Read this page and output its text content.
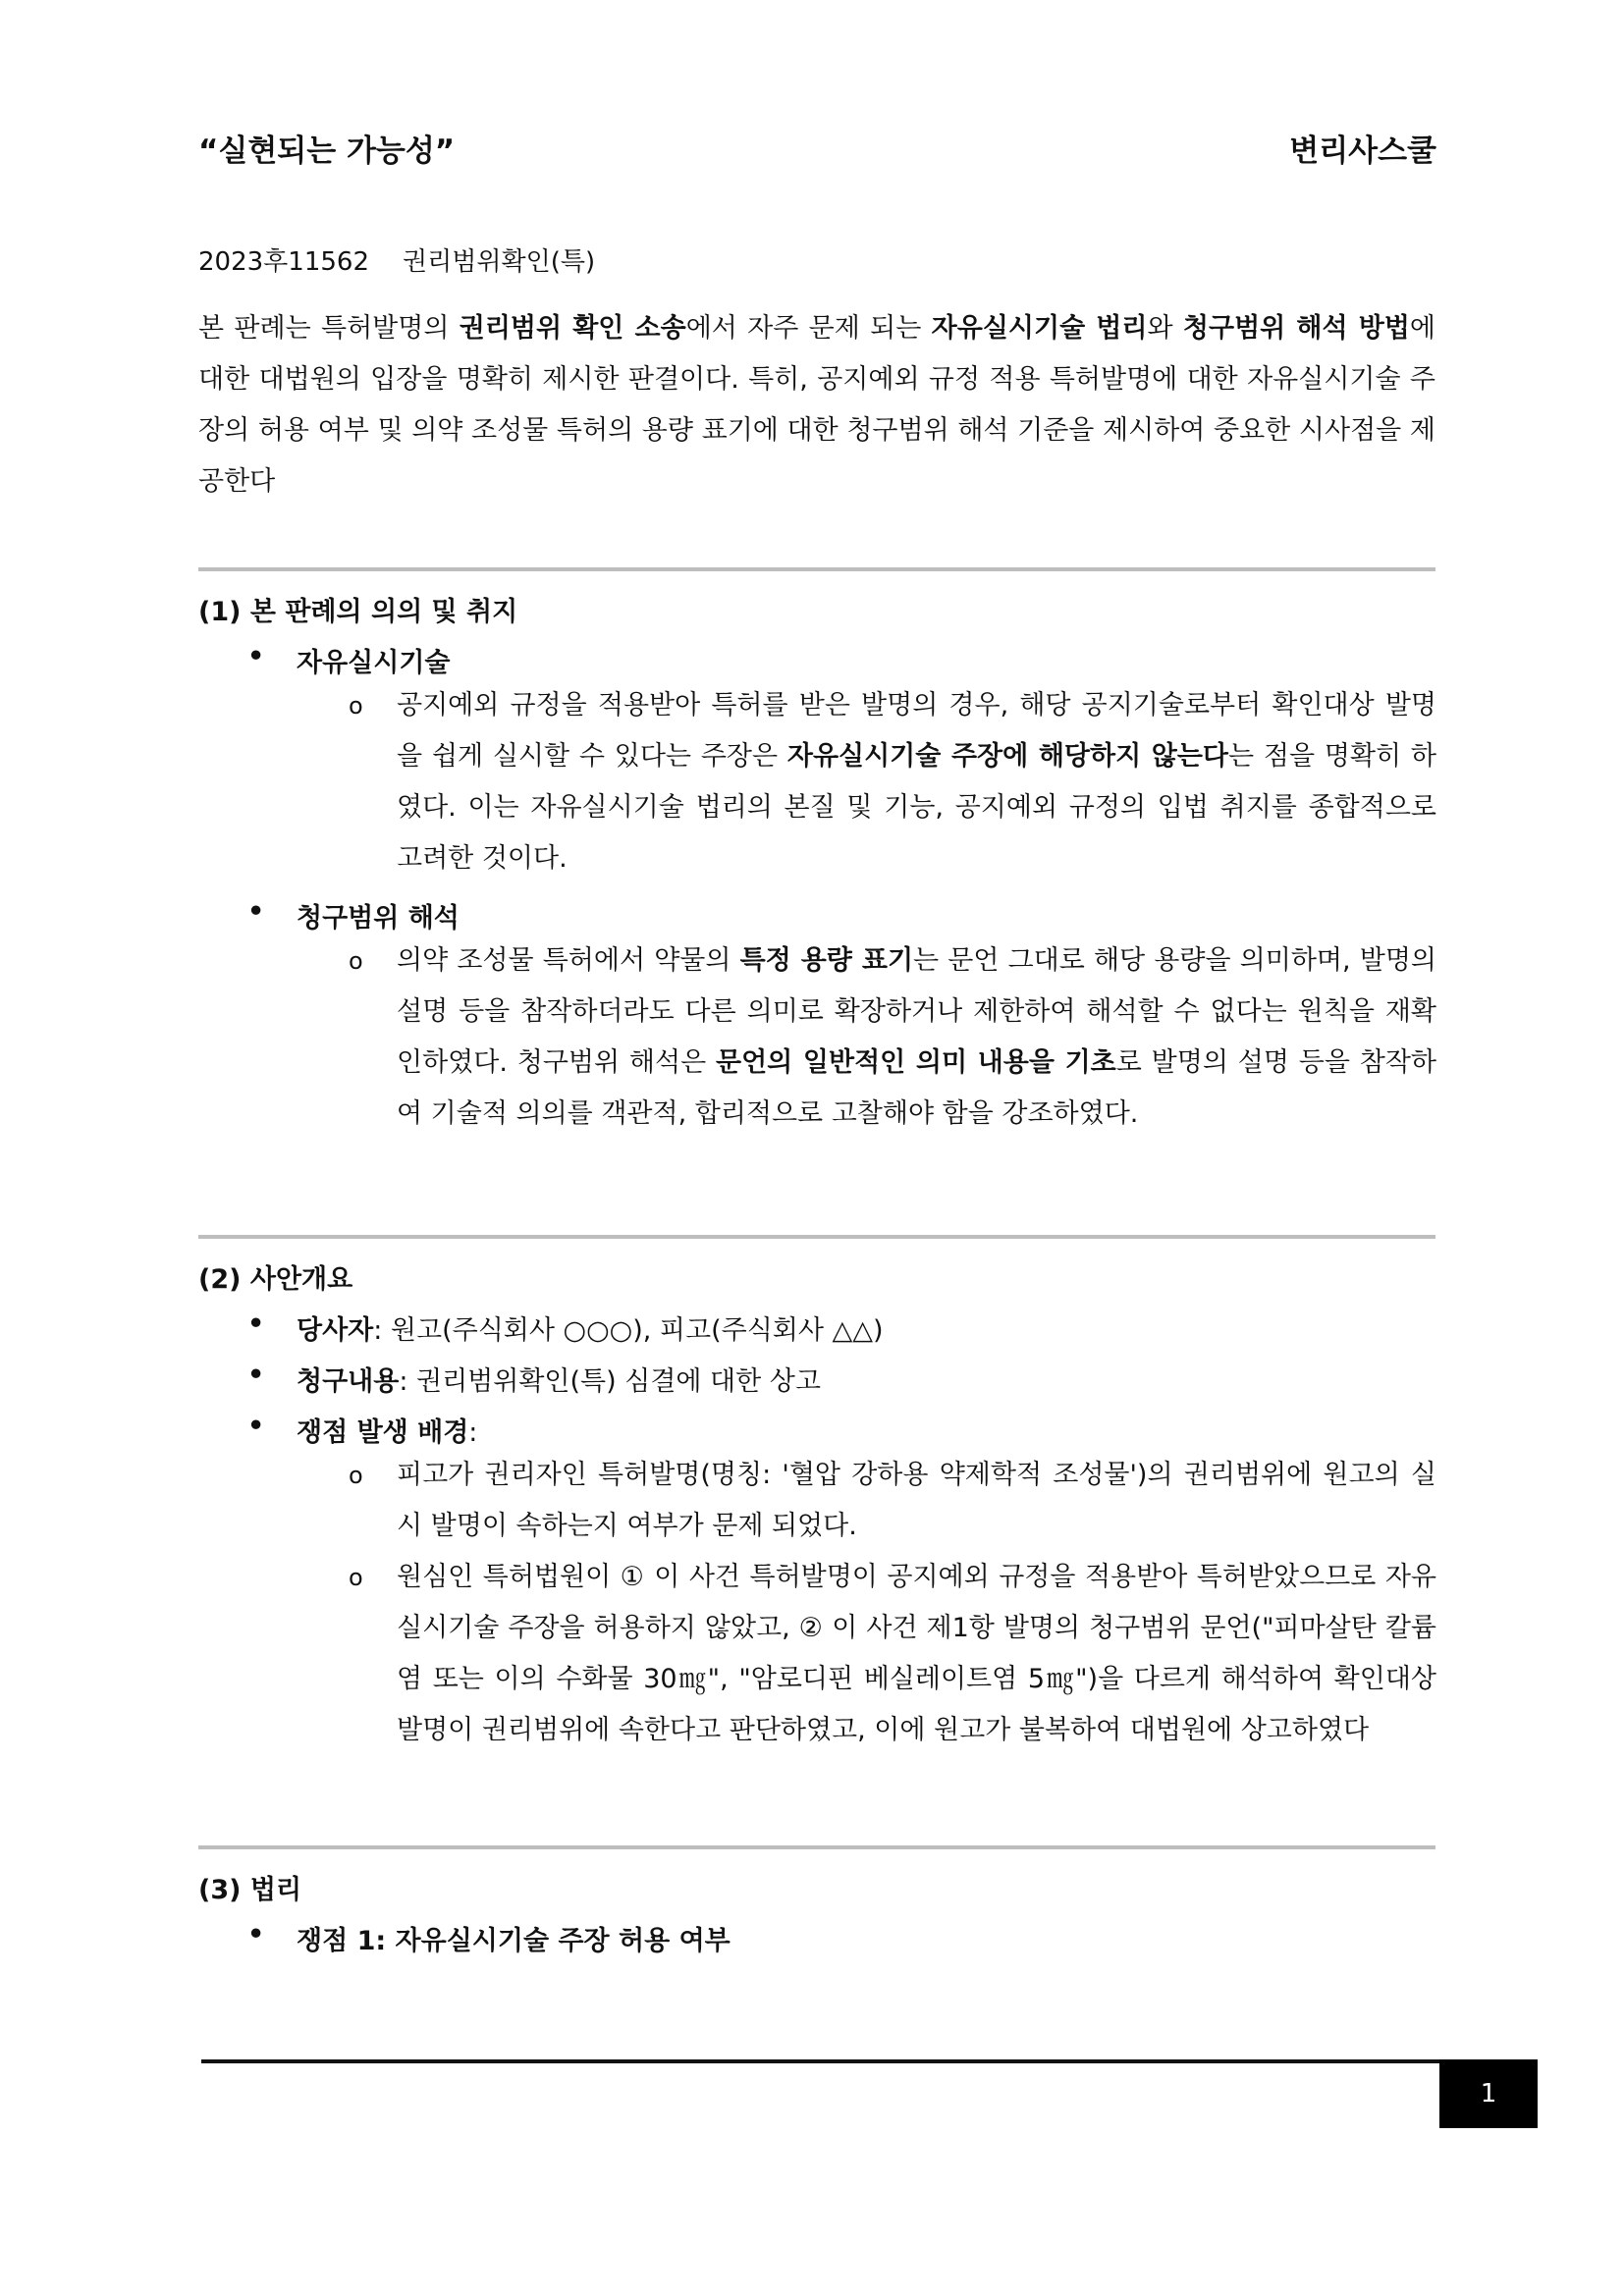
“실현되는 가능성”	변리사스쿨
2023후11562 권리범위확인(특)
본 판례는 특허발명의 권리범위 확인 소송에서 자주 문제 되는 자유실시기술 법리와 청구범위 해석 방법에 대한 대법원의 입장을 명확히 제시한 판결이다. 특히, 공지예외 규정 적용 특허발명에 대한 자유실시기술 주장의 허용 여부 및 의약 조성물 특허의 용량 표기에 대한 청구범위 해석 기준을 제시하여 중요한 시사점을 제공한다
(1) 본 판례의 의의 및 취지
• 자유실시기술
o 공지예외 규정을 적용받아 특허를 받은 발명의 경우, 해당 공지기술로부터 확인대상 발명을 쉽게 실시할 수 있다는 주장은 자유실시기술 주장에 해당하지 않는다는 점을 명확히 하였다. 이는 자유실시기술 법리의 본질 및 기능, 공지예외 규정의 입법 취지를 종합적으로 고려한 것이다.
• 청구범위 해석
o 의약 조성물 특허에서 약물의 특정 용량 표기는 문언 그대로 해당 용량을 의미하며, 발명의 설명 등을 참작하더라도 다른 의미로 확장하거나 제한하여 해석할 수 없다는 원칙을 재확인하였다. 청구범위 해석은 문언의 일반적인 의미 내용을 기초로 발명의 설명 등을 참작하여 기술적 의의를 객관적, 합리적으로 고찰해야 함을 강조하였다.
(2) 사안개요
• 당사자: 원고(주식회사 ○○○), 피고(주식회사 △△)
• 청구내용: 권리범위확인(특) 심결에 대한 상고
• 쟁점 발생 배경:
o 피고가 권리자인 특허발명(명칭: '혈압 강하용 약제학적 조성물')의 권리범위에 원고의 실시 발명이 속하는지 여부가 문제 되었다.
o 원심인 특허법원이 ① 이 사건 특허발명이 공지예외 규정을 적용받아 특허받았으므로 자유실시기술 주장을 허용하지 않았고, ② 이 사건 제1항 발명의 청구범위 문언("피마살탄 칼륨염 또는 이의 수화물 30㎎", "암로디핀 베실레이트염 5㎎")을 다르게 해석하여 확인대상 발명이 권리범위에 속한다고 판단하였고, 이에 원고가 불복하여 대법원에 상고하였다
(3) 법리
• 쟁점 1: 자유실시기술 주장 허용 여부
1
